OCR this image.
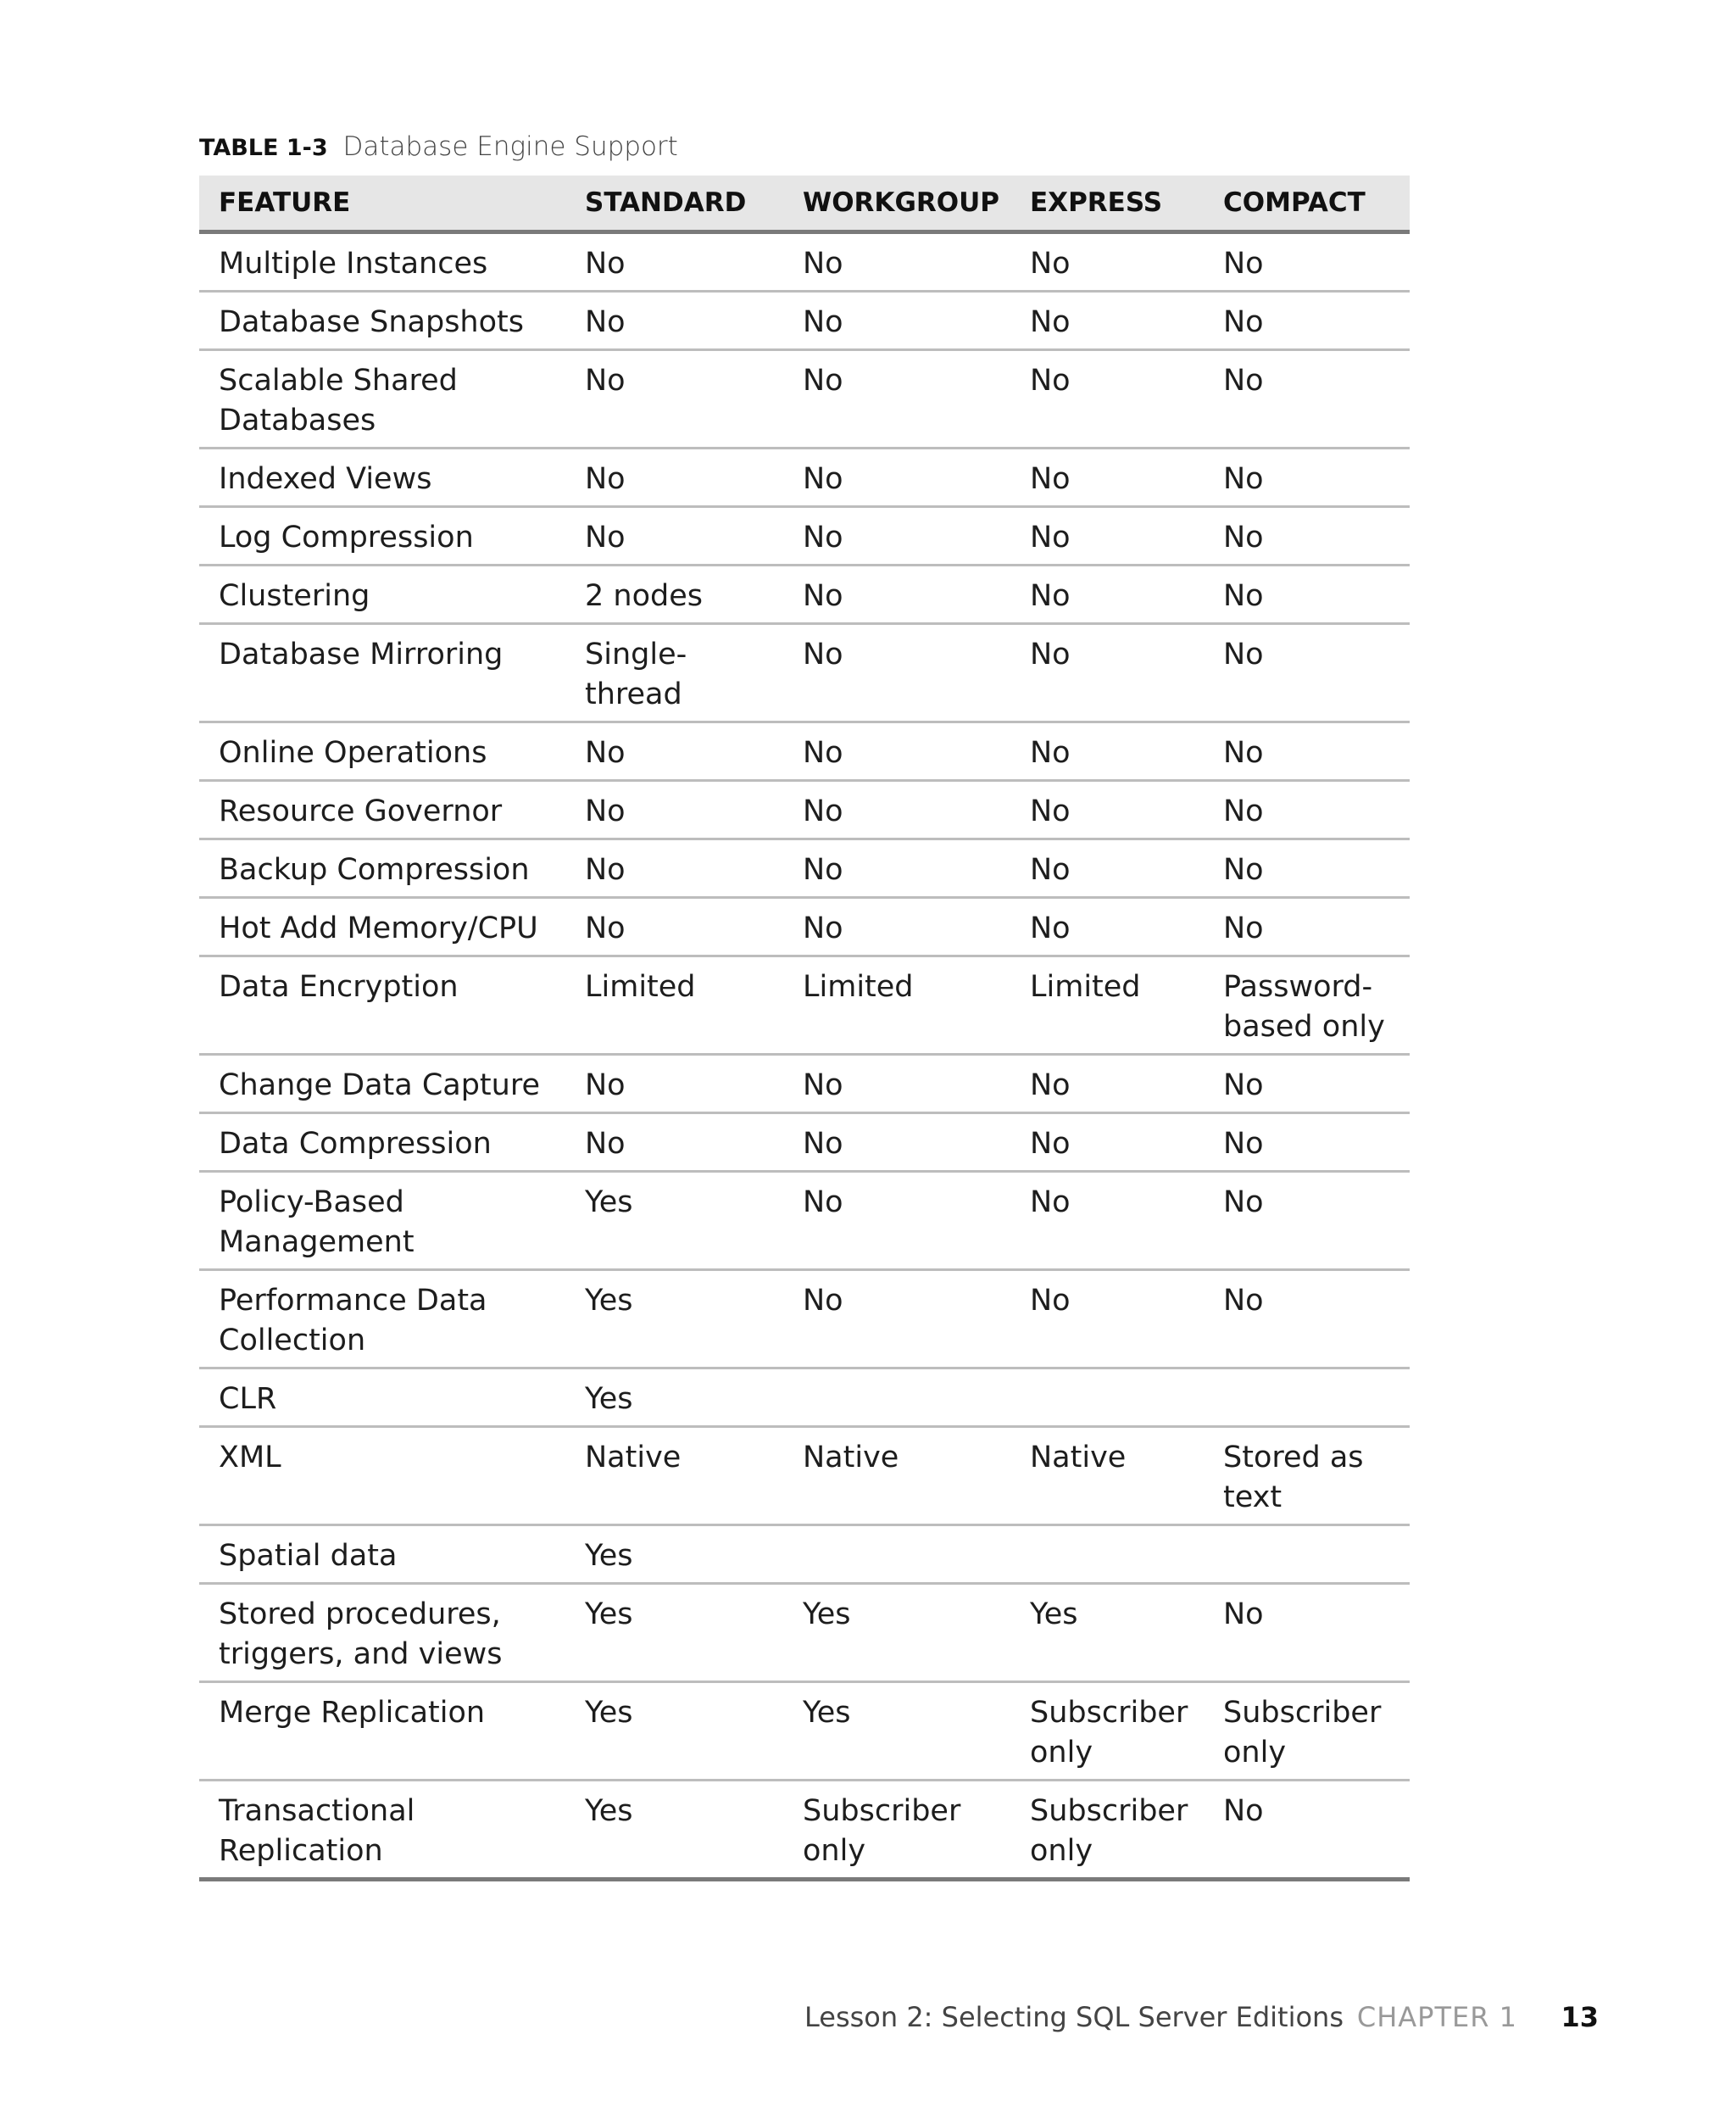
TABLE 1-3 Database Engine Support
FEATURE	STANDARD	WORKGROUP	EXPRESS	COMPACT
Multiple Instances	No	No	No	No
Database Snapshots	No	No	No	No
Scalable Shared Databases	No	No	No	No
Indexed Views	No	No	No	No
Log Compression	No	No	No	No
Clustering	2 nodes	No	No	No
Database Mirroring	Single-thread	No	No	No
Online Operations	No	No	No	No
Resource Governor	No	No	No	No
Backup Compression	No	No	No	No
Hot Add Memory/CPU	No	No	No	No
Data Encryption	Limited	Limited	Limited	Password-based only
Change Data Capture	No	No	No	No
Data Compression	No	No	No	No
Policy-Based Management	Yes	No	No	No
Performance Data Collection	Yes	No	No	No
CLR	Yes			
XML	Native	Native	Native	Stored as text
Spatial data	Yes			
Stored procedures, triggers, and views	Yes	Yes	Yes	No
Merge Replication	Yes	Yes	Subscriber only	Subscriber only
Transactional Replication	Yes	Subscriber only	Subscriber only	No
Lesson 2: Selecting SQL Server Editions CHAPTER 1 13
